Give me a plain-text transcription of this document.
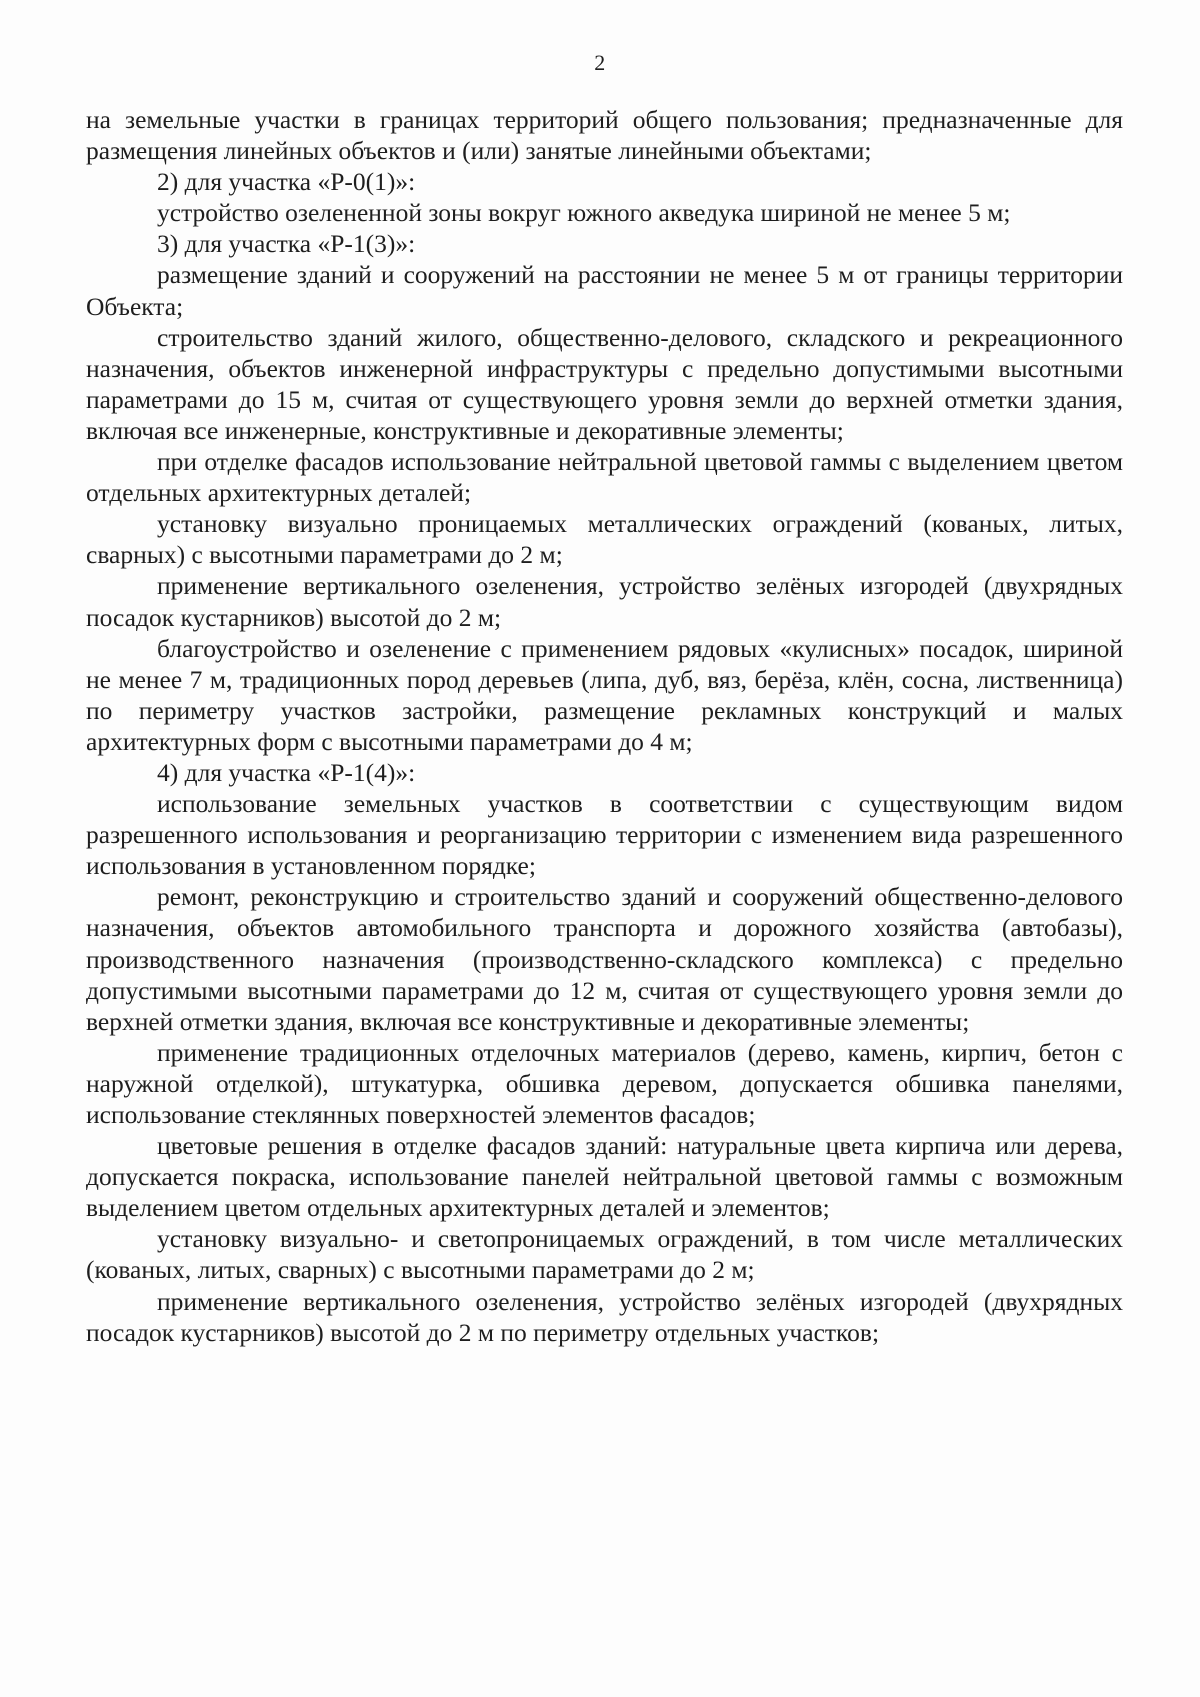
2

на земельные участки в границах территорий общего пользования; предназначенные для размещения линейных объектов и (или) занятые линейными объектами;

2) для участка «Р-0(1)»:

устройство озелененной зоны вокруг южного акведука шириной не менее 5 м;

3) для участка «Р-1(3)»:

размещение зданий и сооружений на расстоянии не менее 5 м от границы территории Объекта;

строительство зданий жилого, общественно-делового, складского и рекреационного назначения, объектов инженерной инфраструктуры с предельно допустимыми высотными параметрами до 15 м, считая от существующего уровня земли до верхней отметки здания, включая все инженерные, конструктивные и декоративные элементы;

при отделке фасадов использование нейтральной цветовой гаммы с выделением цветом отдельных архитектурных деталей;

установку визуально проницаемых металлических ограждений (кованых, литых, сварных) с высотными параметрами до 2 м;

применение вертикального озеленения, устройство зелёных изгородей (двухрядных посадок кустарников) высотой до 2 м;

благоустройство и озеленение с применением рядовых «кулисных» посадок, шириной не менее 7 м, традиционных пород деревьев (липа, дуб, вяз, берёза, клён, сосна, лиственница) по периметру участков застройки, размещение рекламных конструкций и малых архитектурных форм с высотными параметрами до 4 м;

4) для участка «Р-1(4)»:

использование земельных участков в соответствии с существующим видом разрешенного использования и реорганизацию территории с изменением вида разрешенного использования в установленном порядке;

ремонт, реконструкцию и строительство зданий и сооружений общественно-делового назначения, объектов автомобильного транспорта и дорожного хозяйства (автобазы), производственного назначения (производственно-складского комплекса) с предельно допустимыми высотными параметрами до 12 м, считая от существующего уровня земли до верхней отметки здания, включая все конструктивные и декоративные элементы;

применение традиционных отделочных материалов (дерево, камень, кирпич, бетон с наружной отделкой), штукатурка, обшивка деревом, допускается обшивка панелями, использование стеклянных поверхностей элементов фасадов;

цветовые решения в отделке фасадов зданий: натуральные цвета кирпича или дерева, допускается покраска, использование панелей нейтральной цветовой гаммы с возможным выделением цветом отдельных архитектурных деталей и элементов;

установку визуально- и светопроницаемых ограждений, в том числе металлических (кованых, литых, сварных) с высотными параметрами до 2 м;

применение вертикального озеленения, устройство зелёных изгородей (двухрядных посадок кустарников) высотой до 2 м по периметру отдельных участков;
